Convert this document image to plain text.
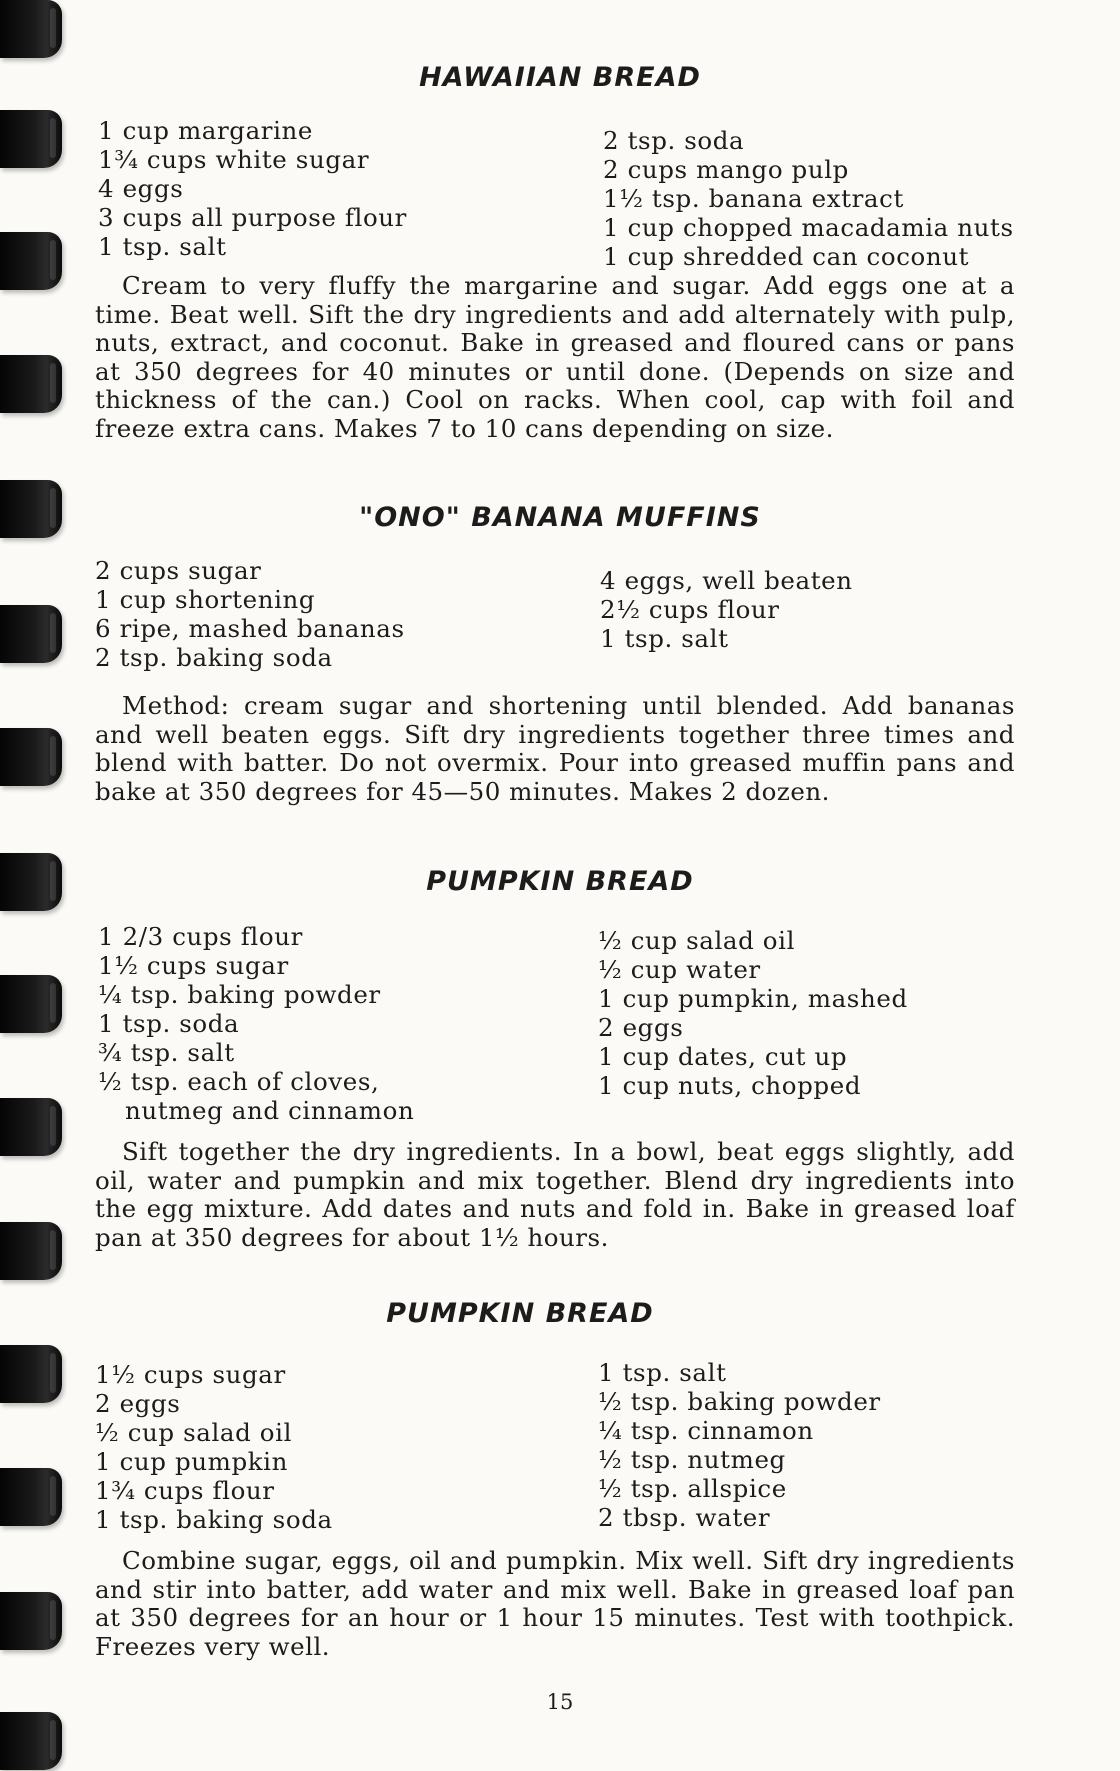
HAWAIIAN BREAD
1 cup margarine
1¾ cups white sugar
4 eggs
3 cups all purpose flour
1 tsp. salt
2 tsp. soda
2 cups mango pulp
1½ tsp. banana extract
1 cup chopped macadamia nuts
1 cup shredded can coconut
Cream to very fluffy the margarine and sugar. Add eggs one at a time. Beat well. Sift the dry ingredients and add alternately with pulp, nuts, extract, and coconut. Bake in greased and floured cans or pans at 350 degrees for 40 minutes or until done. (Depends on size and thickness of the can.) Cool on racks. When cool, cap with foil and freeze extra cans. Makes 7 to 10 cans depending on size.
"ONO" BANANA MUFFINS
2 cups sugar
1 cup shortening
6 ripe, mashed bananas
2 tsp. baking soda
4 eggs, well beaten
2½ cups flour
1 tsp. salt
Method: cream sugar and shortening until blended. Add bananas and well beaten eggs. Sift dry ingredients together three times and blend with batter. Do not overmix. Pour into greased muffin pans and bake at 350 degrees for 45—50 minutes. Makes 2 dozen.
PUMPKIN BREAD
1 2/3 cups flour
1½ cups sugar
¼ tsp. baking powder
1 tsp. soda
¾ tsp. salt
½ tsp. each of cloves,
nutmeg and cinnamon
½ cup salad oil
½ cup water
1 cup pumpkin, mashed
2 eggs
1 cup dates, cut up
1 cup nuts, chopped
Sift together the dry ingredients. In a bowl, beat eggs slightly, add oil, water and pumpkin and mix together. Blend dry ingredients into the egg mixture. Add dates and nuts and fold in. Bake in greased loaf pan at 350 degrees for about 1½ hours.
PUMPKIN BREAD
1½ cups sugar
2 eggs
½ cup salad oil
1 cup pumpkin
1¾ cups flour
1 tsp. baking soda
1 tsp. salt
½ tsp. baking powder
¼ tsp. cinnamon
½ tsp. nutmeg
½ tsp. allspice
2 tbsp. water
Combine sugar, eggs, oil and pumpkin. Mix well. Sift dry ingredients and stir into batter, add water and mix well. Bake in greased loaf pan at 350 degrees for an hour or 1 hour 15 minutes. Test with toothpick. Freezes very well.
15
